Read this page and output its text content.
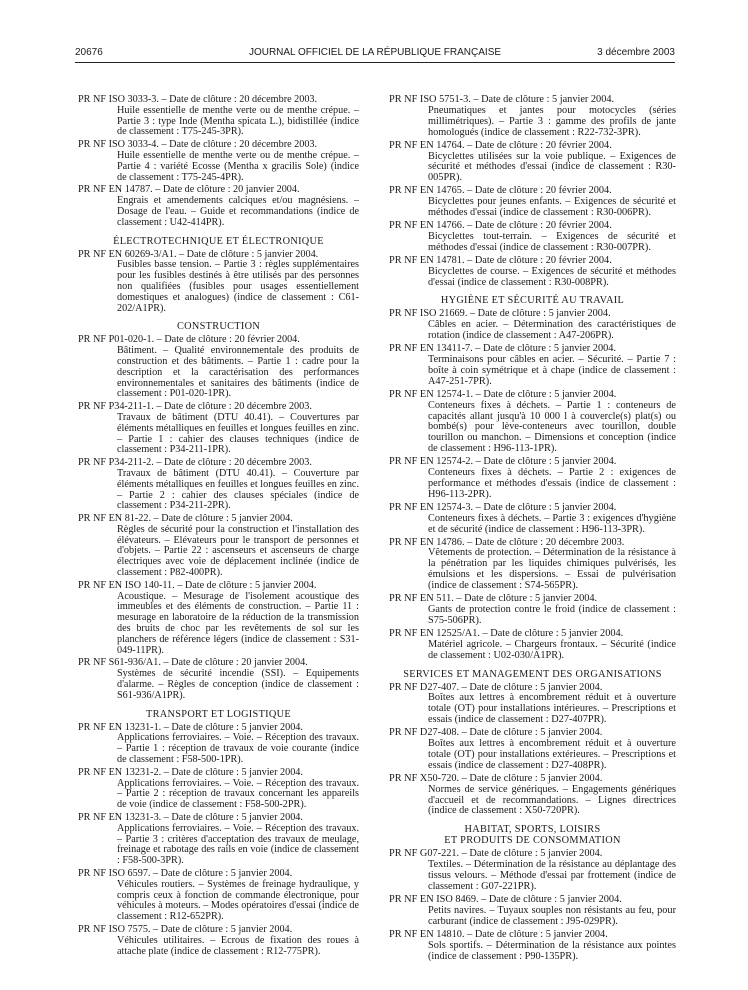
20676	JOURNAL OFFICIEL DE LA RÉPUBLIQUE FRANÇAISE	3 décembre 2003
PR NF ISO 3033-3. – Date de clôture : 20 décembre 2003.
Huile essentielle de menthe verte ou de menthe crépue. – Partie 3 : type Inde (Mentha spicata L.), bidistillée (indice de classement : T75-245-3PR).
PR NF ISO 3033-4. – Date de clôture : 20 décembre 2003.
Huile essentielle de menthe verte ou de menthe crépue. – Partie 4 : variété Ecosse (Mentha x gracilis Sole) (indice de classement : T75-245-4PR).
PR NF EN 14787. – Date de clôture : 20 janvier 2004.
Engrais et amendements calciques et/ou magnésiens. – Dosage de l'eau. – Guide et recommandations (indice de classement : U42-414PR).
ÉLECTROTECHNIQUE ET ÉLECTRONIQUE
PR NF EN 60269-3/A1. – Date de clôture : 5 janvier 2004.
Fusibles basse tension. – Partie 3 : règles supplémentaires pour les fusibles destinés à être utilisés par des personnes non qualifiées (fusibles pour usages essentiellement domestiques et analogues) (indice de classement : C61-202/A1PR).
CONSTRUCTION
PR NF P01-020-1. – Date de clôture : 20 février 2004.
Bâtiment. – Qualité environnementale des produits de construction et des bâtiments. – Partie 1 : cadre pour la description et la caractérisation des performances environnementales et sanitaires des bâtiments (indice de classement : P01-020-1PR).
PR NF P34-211-1. – Date de clôture : 20 décembre 2003.
Travaux de bâtiment (DTU 40.41). – Couvertures par éléments métalliques en feuilles et longues feuilles en zinc. – Partie 1 : cahier des clauses techniques (indice de classement : P34-211-1PR).
PR NF P34-211-2. – Date de clôture : 20 décembre 2003.
Travaux de bâtiment (DTU 40.41). – Couverture par éléments métalliques en feuilles et longues feuilles en zinc. – Partie 2 : cahier des clauses spéciales (indice de classement : P34-211-2PR).
PR NF EN 81-22. – Date de clôture : 5 janvier 2004.
Règles de sécurité pour la construction et l'installation des élévateurs. – Elévateurs pour le transport de personnes et d'objets. – Partie 22 : ascenseurs et ascenseurs de charge électriques avec voie de déplacement inclinée (indice de classement : P82-400PR).
PR NF EN ISO 140-11. – Date de clôture : 5 janvier 2004.
Acoustique. – Mesurage de l'isolement acoustique des immeubles et des éléments de construction. – Partie 11 : mesurage en laboratoire de la réduction de la transmission des bruits de choc par les revêtements de sol sur les planchers de référence légers (indice de classement : S31-049-11PR).
PR NF S61-936/A1. – Date de clôture : 20 janvier 2004.
Systèmes de sécurité incendie (SSI). – Equipements d'alarme. – Règles de conception (indice de classement : S61-936/A1PR).
TRANSPORT ET LOGISTIQUE
PR NF EN 13231-1. – Date de clôture : 5 janvier 2004.
Applications ferroviaires. – Voie. – Réception des travaux. – Partie 1 : réception de travaux de voie courante (indice de classement : F58-500-1PR).
PR NF EN 13231-2. – Date de clôture : 5 janvier 2004.
Applications ferroviaires. – Voie. – Réception des travaux. – Partie 2 : réception de travaux concernant les appareils de voie (indice de classement : F58-500-2PR).
PR NF EN 13231-3. – Date de clôture : 5 janvier 2004.
Applications ferroviaires. – Voie. – Réception des travaux. – Partie 3 : critères d'acceptation des travaux de meulage, freinage et rabotage des rails en voie (indice de classement : F58-500-3PR).
PR NF ISO 6597. – Date de clôture : 5 janvier 2004.
Véhicules routiers. – Systèmes de freinage hydraulique, y compris ceux à fonction de commande électronique, pour véhicules à moteurs. – Modes opératoires d'essai (indice de classement : R12-652PR).
PR NF ISO 7575. – Date de clôture : 5 janvier 2004.
Véhicules utilitaires. – Ecrous de fixation des roues à attache plate (indice de classement : R12-775PR).
PR NF ISO 5751-3. – Date de clôture : 5 janvier 2004.
Pneumatiques et jantes pour motocycles (séries millimétriques). – Partie 3 : gamme des profils de jante homologués (indice de classement : R22-732-3PR).
PR NF EN 14764. – Date de clôture : 20 février 2004.
Bicyclettes utilisées sur la voie publique. – Exigences de sécurité et méthodes d'essai (indice de classement : R30-005PR).
PR NF EN 14765. – Date de clôture : 20 février 2004.
Bicyclettes pour jeunes enfants. – Exigences de sécurité et méthodes d'essai (indice de classement : R30-006PR).
PR NF EN 14766. – Date de clôture : 20 février 2004.
Bicyclettes tout-terrain. – Exigences de sécurité et méthodes d'essai (indice de classement : R30-007PR).
PR NF EN 14781. – Date de clôture : 20 février 2004.
Bicyclettes de course. – Exigences de sécurité et méthodes d'essai (indice de classement : R30-008PR).
HYGIÈNE ET SÉCURITÉ AU TRAVAIL
PR NF ISO 21669. – Date de clôture : 5 janvier 2004.
Câbles en acier. – Détermination des caractéristiques de rotation (indice de classement : A47-206PR).
PR NF EN 13411-7. – Date de clôture : 5 janvier 2004.
Terminaisons pour câbles en acier. – Sécurité. – Partie 7 : boîte à coin symétrique et à chape (indice de classement : A47-251-7PR).
PR NF EN 12574-1. – Date de clôture : 5 janvier 2004.
Conteneurs fixes à déchets. – Partie 1 : conteneurs de capacités allant jusqu'à 10 000 l à couvercle(s) plat(s) ou bombé(s) pour lève-conteneurs avec tourillon, double tourillon ou manchon. – Dimensions et conception (indice de classement : H96-113-1PR).
PR NF EN 12574-2. – Date de clôture : 5 janvier 2004.
Conteneurs fixes à déchets. – Partie 2 : exigences de performance et méthodes d'essais (indice de classement : H96-113-2PR).
PR NF EN 12574-3. – Date de clôture : 5 janvier 2004.
Conteneurs fixes à déchets. – Partie 3 : exigences d'hygiène et de sécurité (indice de classement : H96-113-3PR).
PR NF EN 14786. – Date de clôture : 20 décembre 2003.
Vêtements de protection. – Détermination de la résistance à la pénétration par les liquides chimiques pulvérisés, les émulsions et les dispersions. – Essai de pulvérisation (indice de classement : S74-565PR).
PR NF EN 511. – Date de clôture : 5 janvier 2004.
Gants de protection contre le froid (indice de classement : S75-506PR).
PR NF EN 12525/A1. – Date de clôture : 5 janvier 2004.
Matériel agricole. – Chargeurs frontaux. – Sécurité (indice de classement : U02-030/A1PR).
SERVICES ET MANAGEMENT DES ORGANISATIONS
PR NF D27-407. – Date de clôture : 5 janvier 2004.
Boîtes aux lettres à encombrement réduit et à ouverture totale (OT) pour installations intérieures. – Prescriptions et essais (indice de classement : D27-407PR).
PR NF D27-408. – Date de clôture : 5 janvier 2004.
Boîtes aux lettres à encombrement réduit et à ouverture totale (OT) pour installations extérieures. – Prescriptions et essais (indice de classement : D27-408PR).
PR NF X50-720. – Date de clôture : 5 janvier 2004.
Normes de service génériques. – Engagements génériques d'accueil et de recommandations. – Lignes directrices (indice de classement : X50-720PR).
HABITAT, SPORTS, LOISIRS
ET PRODUITS DE CONSOMMATION
PR NF G07-221. – Date de clôture : 5 janvier 2004.
Textiles. – Détermination de la résistance au déplantage des tissus velours. – Méthode d'essai par frottement (indice de classement : G07-221PR).
PR NF EN ISO 8469. – Date de clôture : 5 janvier 2004.
Petits navires. – Tuyaux souples non résistants au feu, pour carburant (indice de classement : J95-029PR).
PR NF EN 14810. – Date de clôture : 5 janvier 2004.
Sols sportifs. – Détermination de la résistance aux pointes (indice de classement : P90-135PR).
